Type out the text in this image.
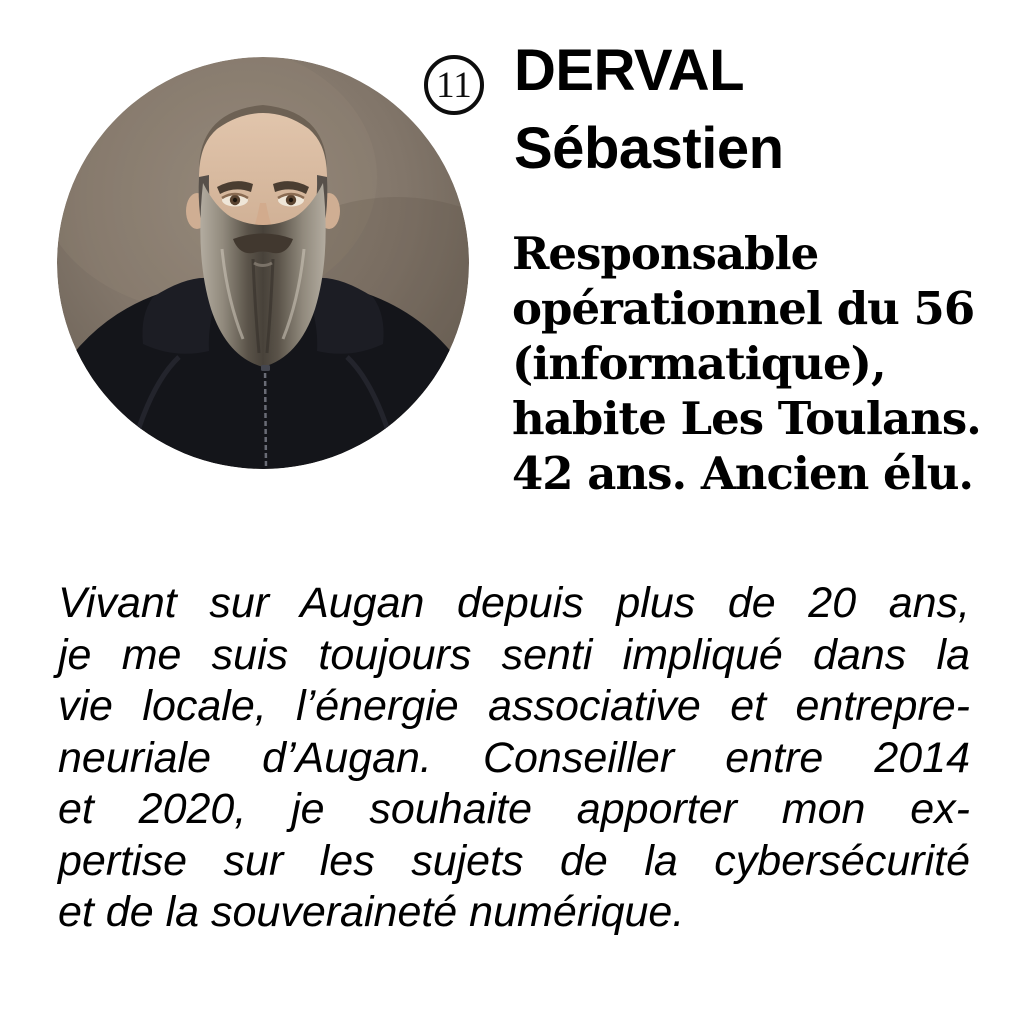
11 DERVAL
Sébastien
Responsable
opérationnel du 56
(informatique),
habite Les Toulans.
42 ans. Ancien élu.
Vivant sur Augan depuis plus de 20 ans,
je me suis toujours senti impliqué dans la
vie locale, l’énergie associative et entrepre-
neuriale d’Augan. Conseiller entre 2014
et 2020, je souhaite apporter mon ex-
pertise sur les sujets de la cybersécurité
et de la souveraineté numérique.
